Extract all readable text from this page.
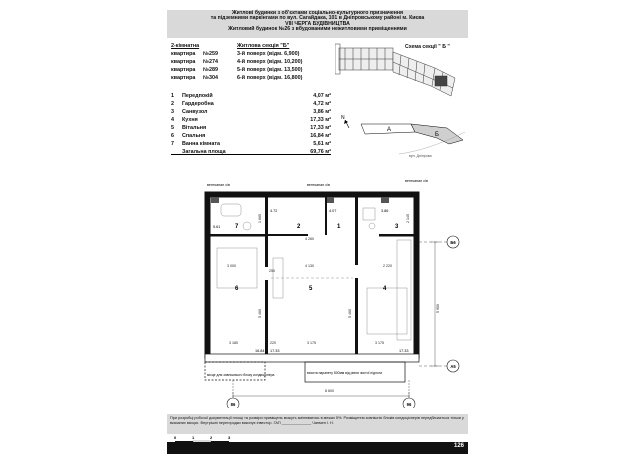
Житлові будинки з об’єктами соціально-культурного призначення
та підземними паркінгами по вул. Сагайдака, 101 в Дніпровському районі м. Києва
VIII ЧЕРГА БУДІВНИЦТВА
Житловий будинок №26 з вбудованими нежитловими приміщеннями
2-кімнатна	Житлова секція "Б"
квартира	№259	3-й поверх (відм. 6,900)
квартира	№274	4-й поверх (відм. 10,200)
квартира	№289	5-й поверх (відм. 13,500)
квартира	№304	6-й поверх (відм. 16,800)
1	Передпокій	4,07 м²
2	Гардеробна	4,72 м²
3	Санвузол	3,86 м²
4	Кухня	17,33 м²
5	Вітальня	17,33 м²
6	Спальня	16,84 м²
7	Ванна кімната	5,61 м²
Загальна площа	69,76 м²
Схема секції " Б "
N
А
Б
вул. Дніпрова
вентканал с/в	вентканал с/в
вентканал с/в
7	2	1	3
6	5	4
5.61
4.72	4.07	3.86
16.84 17.33	17.33
4 260
3 000	4 130	2 220
3 180	3 175	3 175
5 460	5 460
5 950
1 665	2 145
250
220
8 600
Б6
А5
86	96
місце для зовнішнього блоку кондиціонера	висота парапету 500мм від рівня чистої підлоги
При розробці робочої документації площі та розміри приміщень можуть змінюватись в межах 5%. Розміщення зовнішніх блоків кондиціонерів передбачається тільки у вказаних місцях. Внутрішні перегородки виконує інвестор. ГАП ______________ Чапмен І. Н.
0	1	2	3
126
